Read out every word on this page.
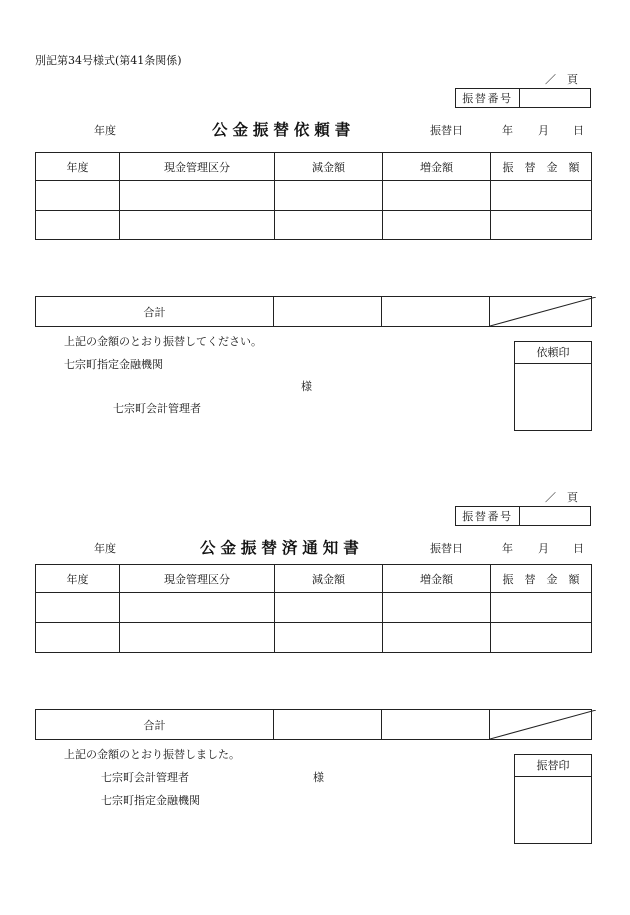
別記第34号様式(第41条関係)
／　頁
振替番号	
年度	公金振替依頼書	振替日	年 月 日
年度	現金管理区分	減金額	増金額	振　替　金　額

合計			
上記の金額のとおり振替してください。
七宗町指定金融機関
様
七宗町会計管理者
依頼印
／　頁
振替番号	
年度	公金振替済通知書	振替日	年 月 日
年度	現金管理区分	減金額	増金額	振　替　金　額

合計			
上記の金額のとおり振替しました。
七宗町会計管理者	様
七宗町指定金融機関
振替印
